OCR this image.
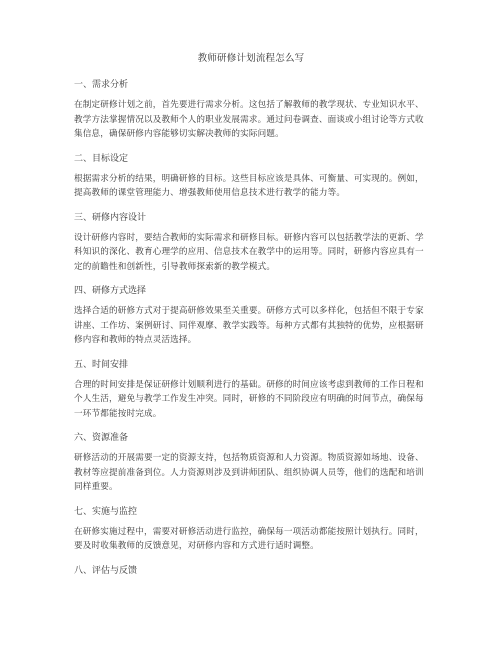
教师研修计划流程怎么写

一、需求分析

在制定研修计划之前，首先要进行需求分析。这包括了解教师的教学现状、专业知识水平、教学方法掌握情况以及教师个人的职业发展需求。通过问卷调查、面谈或小组讨论等方式收集信息，确保研修内容能够切实解决教师的实际问题。

二、目标设定

根据需求分析的结果，明确研修的目标。这些目标应该是具体、可衡量、可实现的。例如，提高教师的课堂管理能力、增强教师使用信息技术进行教学的能力等。

三、研修内容设计

设计研修内容时，要结合教师的实际需求和研修目标。研修内容可以包括教学法的更新、学科知识的深化、教育心理学的应用、信息技术在教学中的运用等。同时，研修内容应具有一定的前瞻性和创新性，引导教师探索新的教学模式。

四、研修方式选择

选择合适的研修方式对于提高研修效果至关重要。研修方式可以多样化，包括但不限于专家讲座、工作坊、案例研讨、同伴观摩、教学实践等。每种方式都有其独特的优势，应根据研修内容和教师的特点灵活选择。

五、时间安排

合理的时间安排是保证研修计划顺利进行的基础。研修的时间应该考虑到教师的工作日程和个人生活，避免与教学工作发生冲突。同时，研修的不同阶段应有明确的时间节点，确保每一环节都能按时完成。

六、资源准备

研修活动的开展需要一定的资源支持，包括物质资源和人力资源。物质资源如场地、设备、教材等应提前准备到位。人力资源则涉及到讲师团队、组织协调人员等，他们的选配和培训同样重要。

七、实施与监控

在研修实施过程中，需要对研修活动进行监控，确保每一项活动都能按照计划执行。同时，要及时收集教师的反馈意见，对研修内容和方式进行适时调整。

八、评估与反馈
